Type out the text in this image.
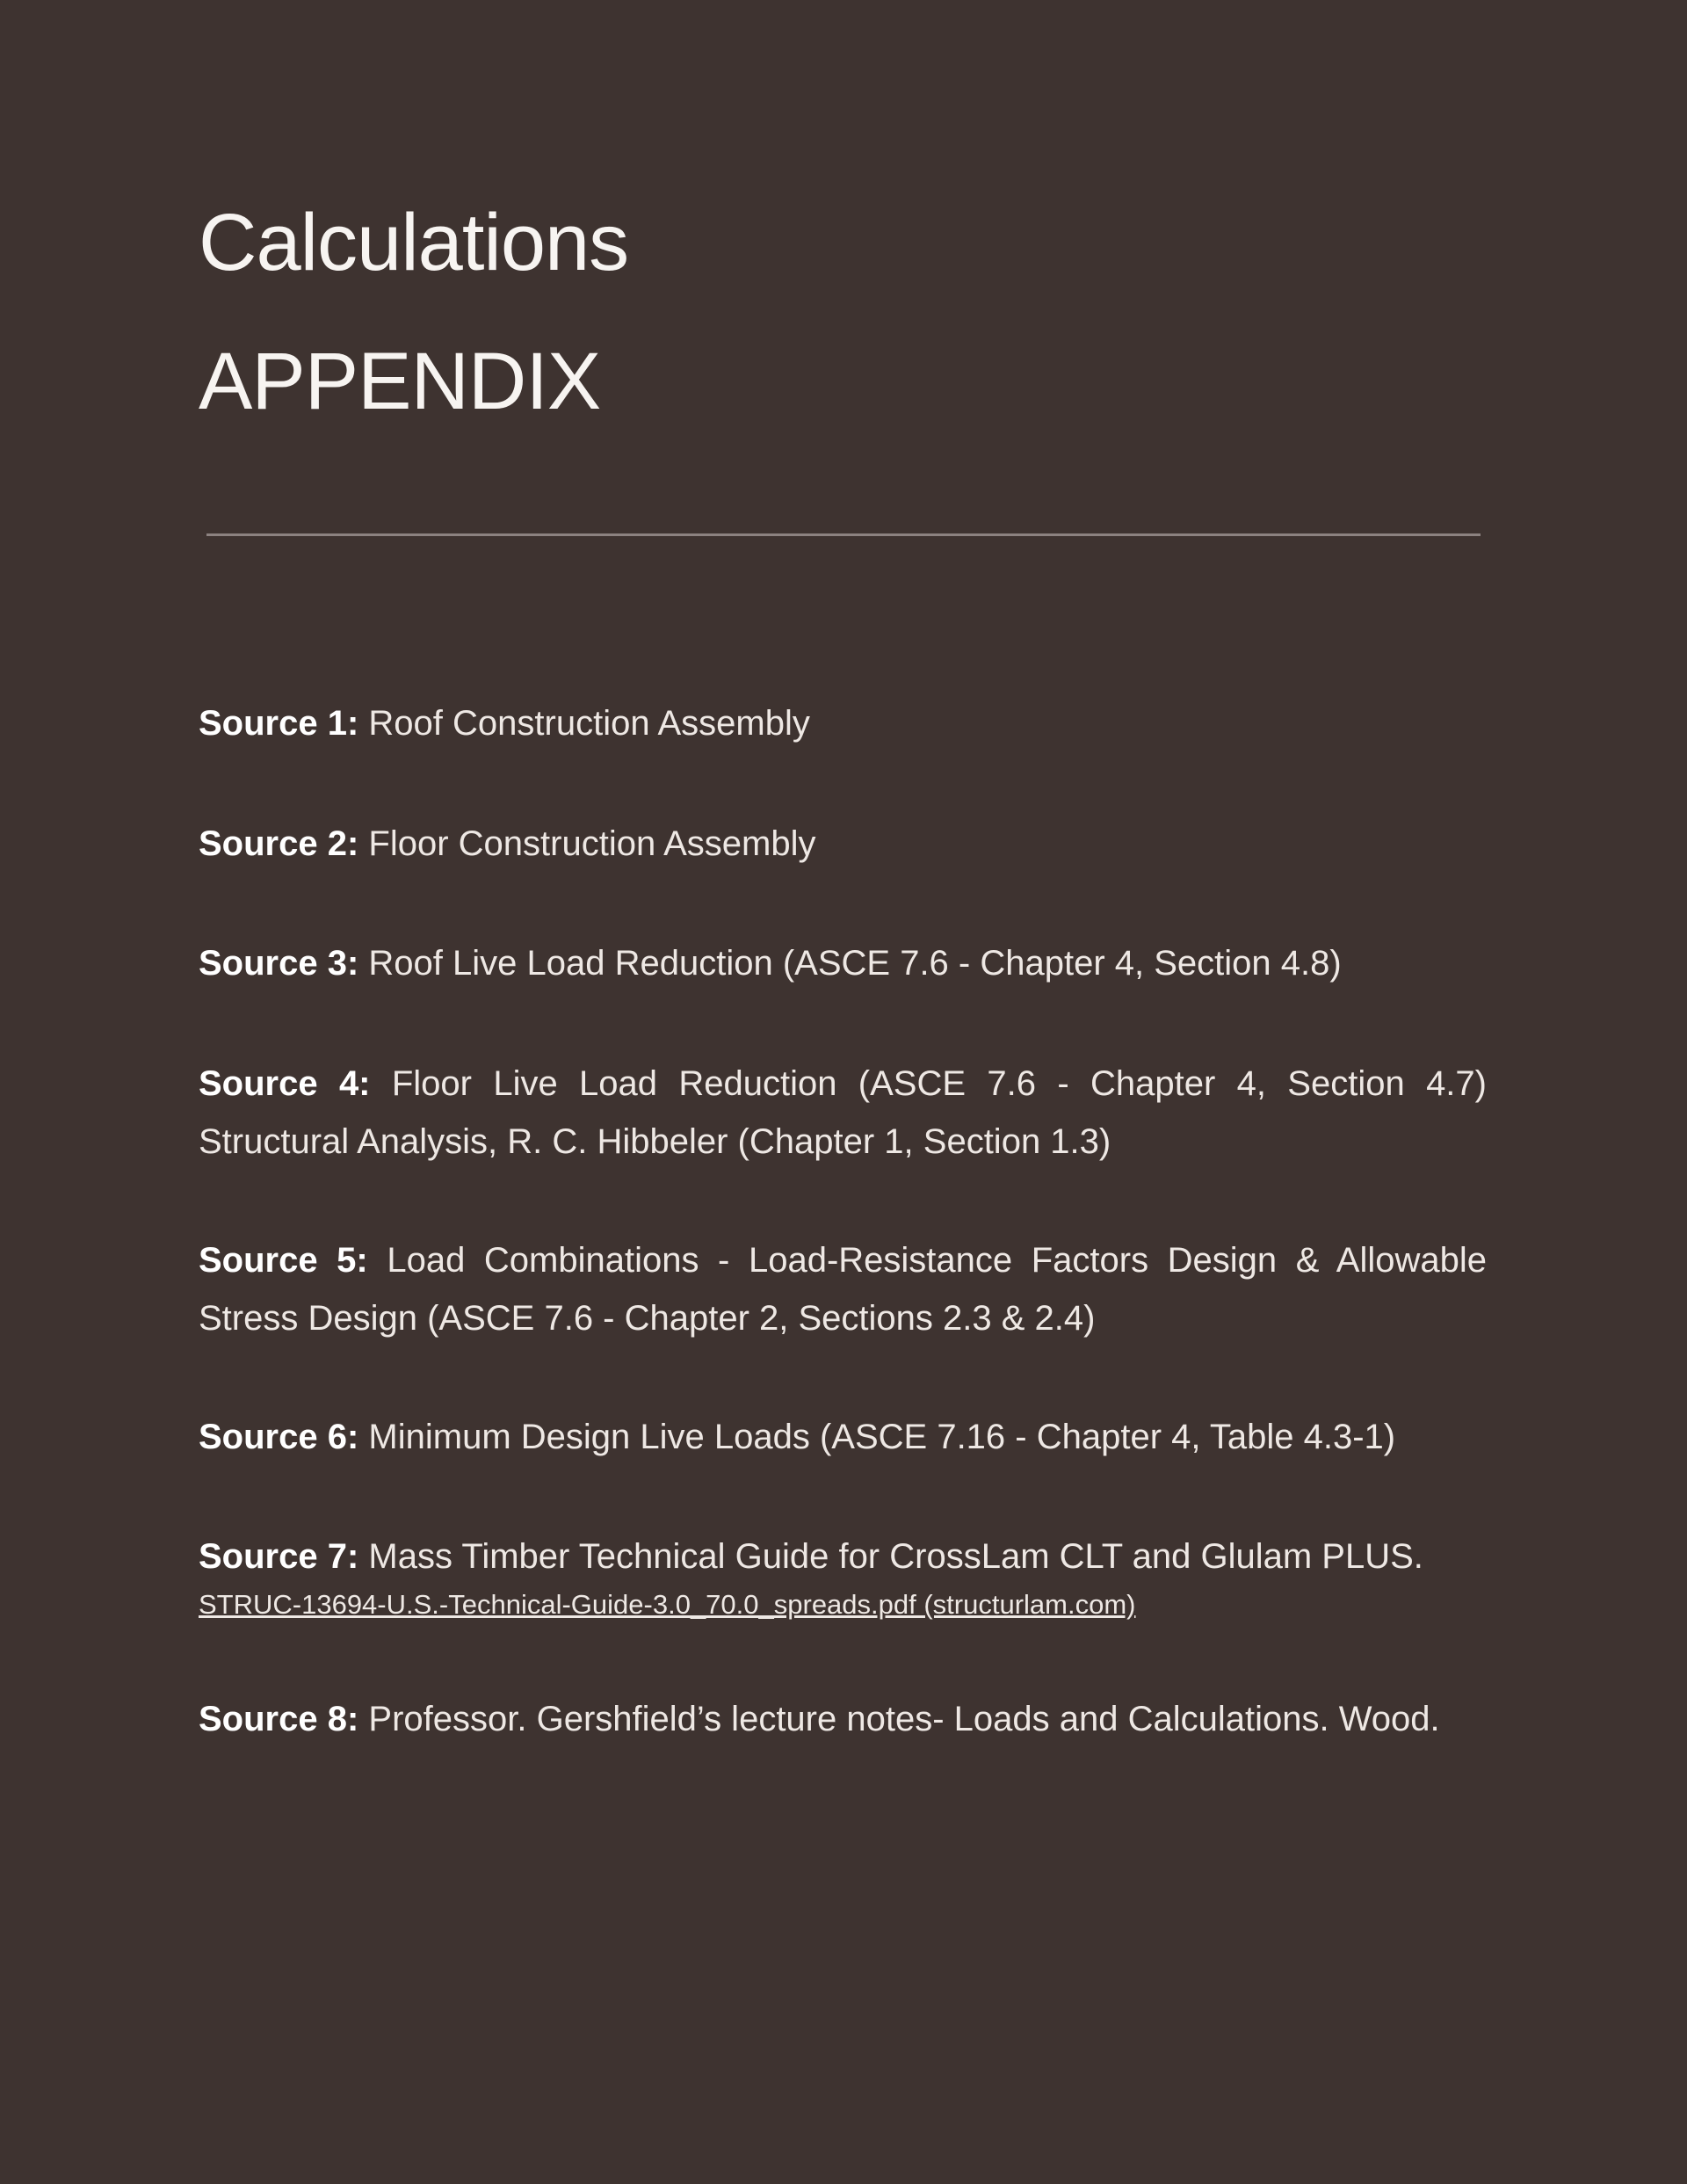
Calculations
APPENDIX

Source 1: Roof Construction Assembly

Source 2: Floor Construction Assembly

Source 3: Roof Live Load Reduction (ASCE 7.6 - Chapter 4, Section 4.8)

Source 4: Floor Live Load Reduction (ASCE 7.6 - Chapter 4, Section 4.7) Structural Analysis, R. C. Hibbeler (Chapter 1, Section 1.3)

Source 5: Load Combinations - Load-Resistance Factors Design & Allowable Stress Design (ASCE 7.6 - Chapter 2, Sections 2.3 & 2.4)

Source 6: Minimum Design Live Loads (ASCE 7.16 - Chapter 4, Table 4.3-1)

Source 7: Mass Timber Technical Guide for CrossLam CLT and Glulam PLUS.
STRUC-13694-U.S.-Technical-Guide-3.0_70.0_spreads.pdf (structurlam.com)

Source 8: Professor. Gershfield’s lecture notes- Loads and Calculations. Wood.
